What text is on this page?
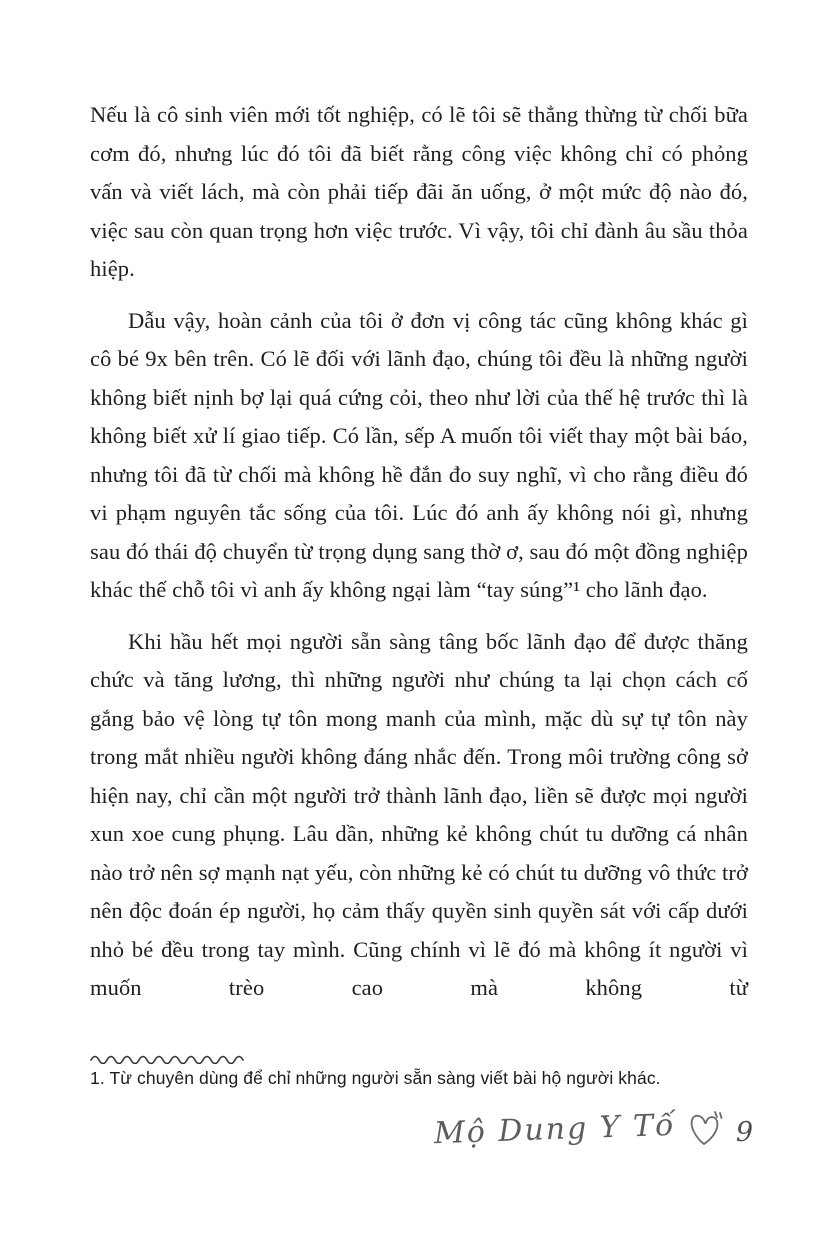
Nếu là cô sinh viên mới tốt nghiệp, có lẽ tôi sẽ thẳng thừng từ chối bữa cơm đó, nhưng lúc đó tôi đã biết rằng công việc không chỉ có phỏng vấn và viết lách, mà còn phải tiếp đãi ăn uống, ở một mức độ nào đó, việc sau còn quan trọng hơn việc trước. Vì vậy, tôi chỉ đành âu sầu thỏa hiệp.

Dẫu vậy, hoàn cảnh của tôi ở đơn vị công tác cũng không khác gì cô bé 9x bên trên. Có lẽ đối với lãnh đạo, chúng tôi đều là những người không biết nịnh bợ lại quá cứng cỏi, theo như lời của thế hệ trước thì là không biết xử lí giao tiếp. Có lần, sếp A muốn tôi viết thay một bài báo, nhưng tôi đã từ chối mà không hề đắn đo suy nghĩ, vì cho rằng điều đó vi phạm nguyên tắc sống của tôi. Lúc đó anh ấy không nói gì, nhưng sau đó thái độ chuyển từ trọng dụng sang thờ ơ, sau đó một đồng nghiệp khác thế chỗ tôi vì anh ấy không ngại làm “tay súng”¹ cho lãnh đạo.

Khi hầu hết mọi người sẵn sàng tâng bốc lãnh đạo để được thăng chức và tăng lương, thì những người như chúng ta lại chọn cách cố gắng bảo vệ lòng tự tôn mong manh của mình, mặc dù sự tự tôn này trong mắt nhiều người không đáng nhắc đến. Trong môi trường công sở hiện nay, chỉ cần một người trở thành lãnh đạo, liền sẽ được mọi người xun xoe cung phụng. Lâu dần, những kẻ không chút tu dưỡng cá nhân nào trở nên sợ mạnh nạt yếu, còn những kẻ có chút tu dưỡng vô thức trở nên độc đoán ép người, họ cảm thấy quyền sinh quyền sát với cấp dưới nhỏ bé đều trong tay mình. Cũng chính vì lẽ đó mà không ít người vì muốn trèo cao mà không từ

1. Từ chuyên dùng để chỉ những người sẵn sàng viết bài hộ người khác.
Mộ Dung Y Tố 9
